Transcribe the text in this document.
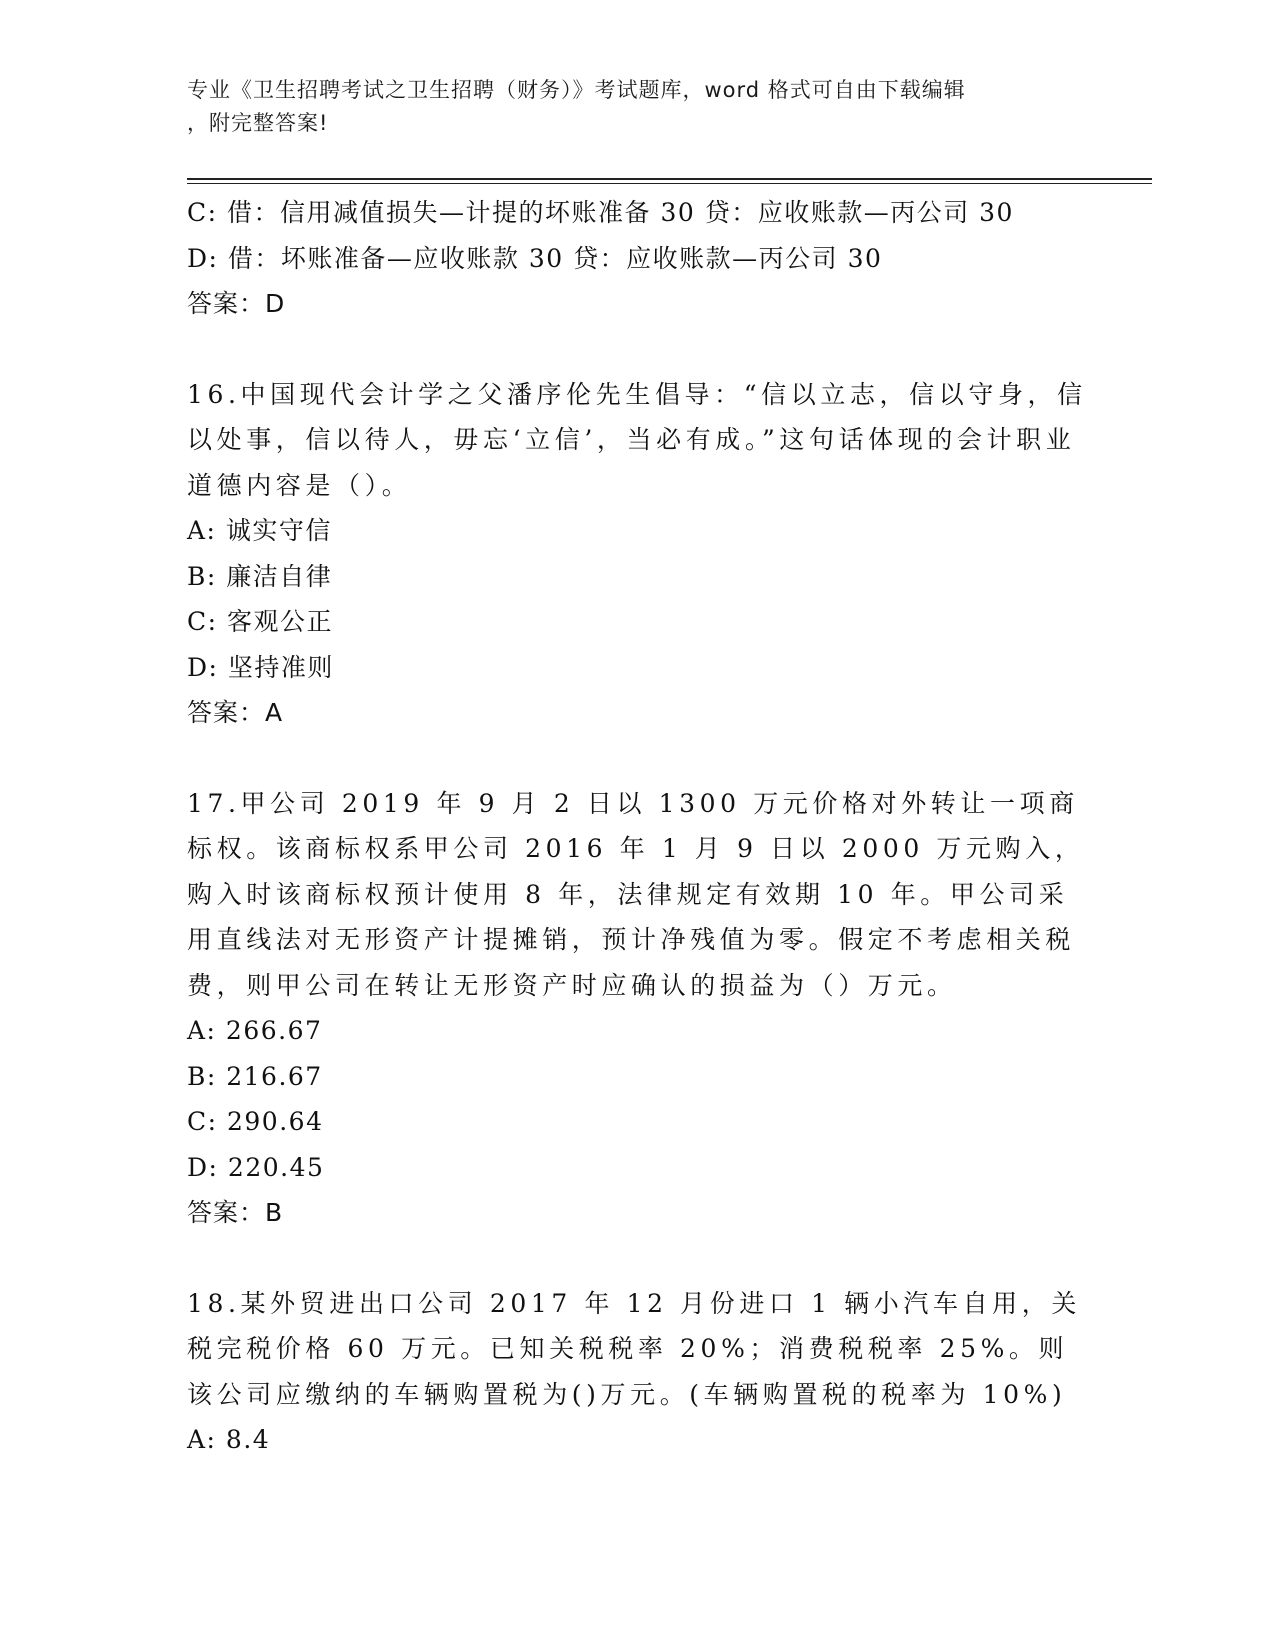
专业《卫生招聘考试之卫生招聘（财务）》考试题库，word 格式可自由下载编辑
，附完整答案!
C: 借：信用减值损失—计提的坏账准备 30 贷：应收账款—丙公司 30
D: 借：坏账准备—应收账款 30 贷：应收账款—丙公司 30
答案：D
16.中国现代会计学之父潘序伦先生倡导：“信以立志，信以守身，信以处事，信以待人，毋忘‘立信’，当必有成。”这句话体现的会计职业道德内容是（）。
A: 诚实守信
B: 廉洁自律
C: 客观公正
D: 坚持准则
答案：A
17.甲公司 2019 年 9 月 2 日以 1300 万元价格对外转让一项商标权。该商标权系甲公司 2016 年 1 月 9 日以 2000 万元购入，购入时该商标权预计使用 8 年，法律规定有效期 10 年。甲公司采用直线法对无形资产计提摊销，预计净残值为零。假定不考虑相关税费，则甲公司在转让无形资产时应确认的损益为（）万元。
A: 266.67
B: 216.67
C: 290.64
D: 220.45
答案：B
18.某外贸进出口公司 2017 年 12 月份进口 1 辆小汽车自用，关税完税价格 60 万元。已知关税税率 20%；消费税税率 25%。则该公司应缴纳的车辆购置税为()万元。(车辆购置税的税率为 10%)
A: 8.4
